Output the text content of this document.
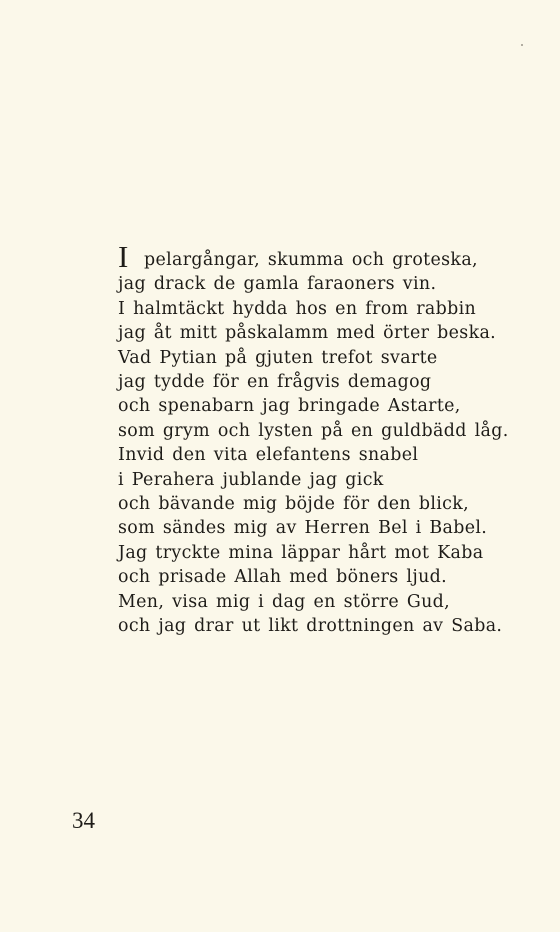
I pelargångar, skumma och groteska,
jag drack de gamla faraoners vin.
I halmtäckt hydda hos en from rabbin
jag åt mitt påskalamm med örter beska.
Vad Pytian på gjuten trefot svarte
jag tydde för en frågvis demagog
och spenabarn jag bringade Astarte,
som grym och lysten på en guldbädd låg.
Invid den vita elefantens snabel
i Perahera jublande jag gick
och bävande mig böjde för den blick,
som sändes mig av Herren Bel i Babel.
Jag tryckte mina läppar hårt mot Kaba
och prisade Allah med böners ljud.
Men, visa mig i dag en större Gud,
och jag drar ut likt drottningen av Saba.
34
